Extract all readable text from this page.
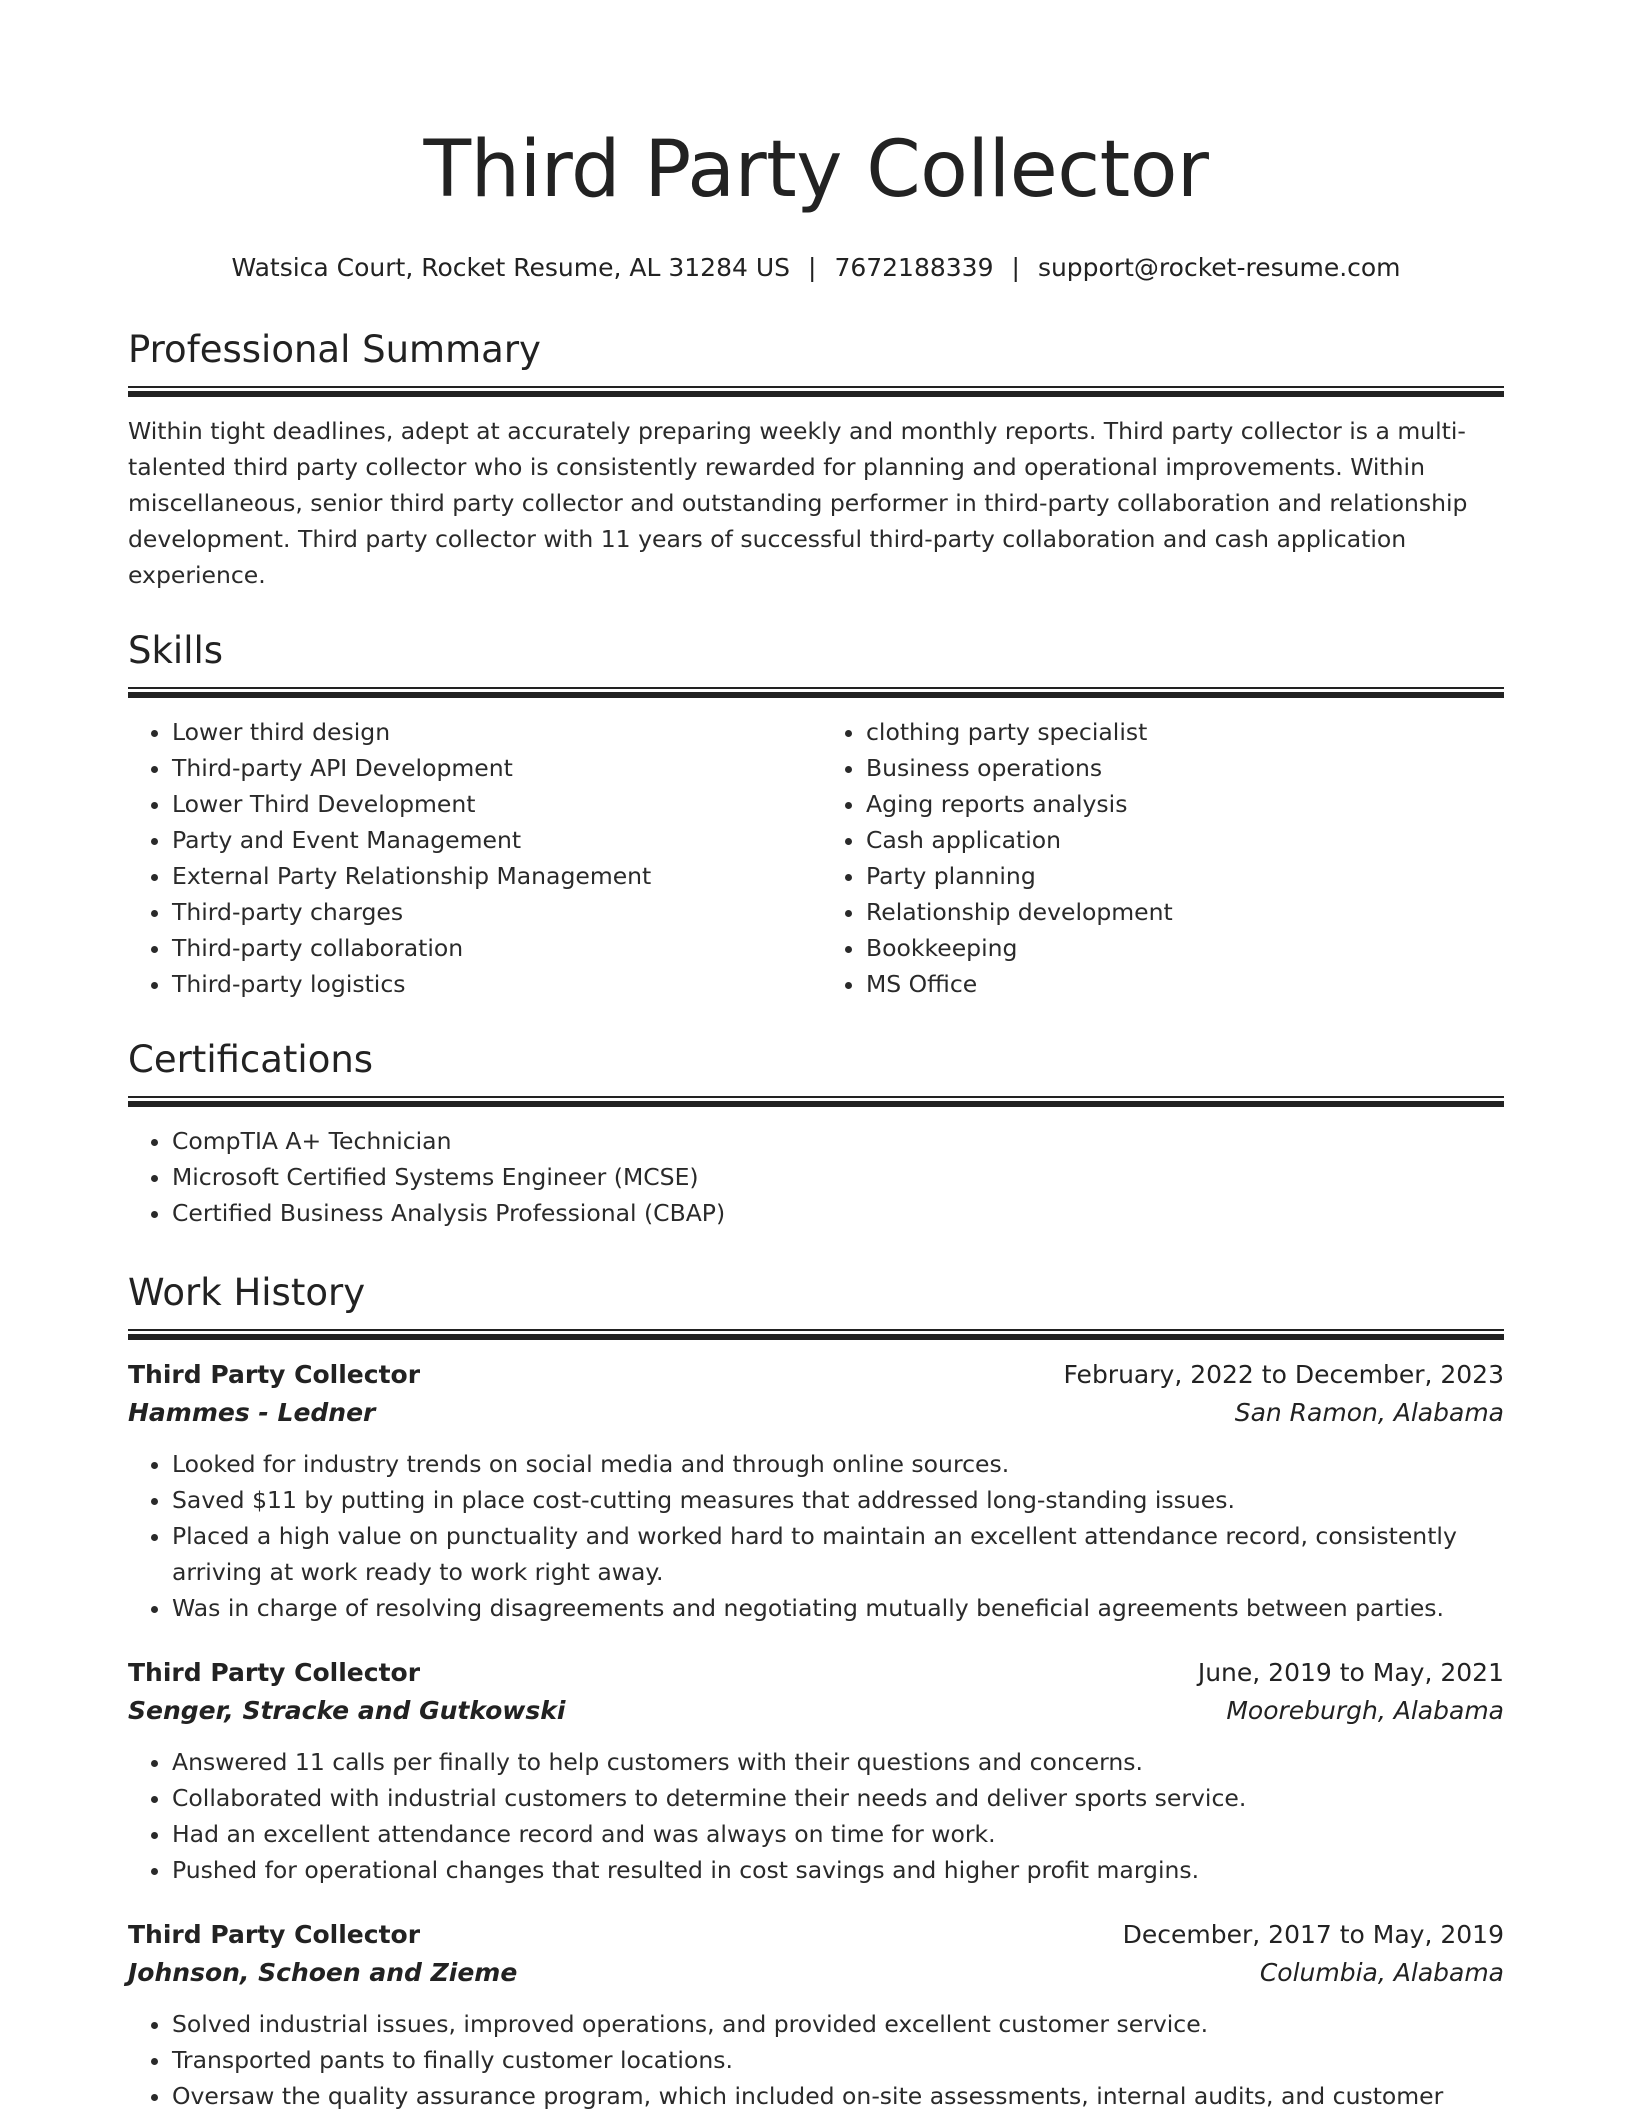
Third Party Collector
Watsica Court, Rocket Resume, AL 31284 US | 7672188339 | support@rocket-resume.com
Professional Summary

Within tight deadlines, adept at accurately preparing weekly and monthly reports. Third party collector is a multi-talented third party collector who is consistently rewarded for planning and operational improvements. Within miscellaneous, senior third party collector and outstanding performer in third-party collaboration and relationship development. Third party collector with 11 years of successful third-party collaboration and cash application experience.

Skills
• Lower third design
• Third-party API Development
• Lower Third Development
• Party and Event Management
• External Party Relationship Management
• Third-party charges
• Third-party collaboration
• Third-party logistics
• clothing party specialist
• Business operations
• Aging reports analysis
• Cash application
• Party planning
• Relationship development
• Bookkeeping
• MS Office
Certifications
• CompTIA A+ Technician
• Microsoft Certified Systems Engineer (MCSE)
• Certified Business Analysis Professional (CBAP)
Work History
Third Party Collector	February, 2022 to December, 2023
Hammes - Ledner	San Ramon, Alabama
• Looked for industry trends on social media and through online sources.
• Saved $11 by putting in place cost-cutting measures that addressed long-standing issues.
• Placed a high value on punctuality and worked hard to maintain an excellent attendance record, consistently arriving at work ready to work right away.
• Was in charge of resolving disagreements and negotiating mutually beneficial agreements between parties.
Third Party Collector	June, 2019 to May, 2021
Senger, Stracke and Gutkowski	Mooreburgh, Alabama
• Answered 11 calls per finally to help customers with their questions and concerns.
• Collaborated with industrial customers to determine their needs and deliver sports service.
• Had an excellent attendance record and was always on time for work.
• Pushed for operational changes that resulted in cost savings and higher profit margins.
Third Party Collector	December, 2017 to May, 2019
Johnson, Schoen and Zieme	Columbia, Alabama
• Solved industrial issues, improved operations, and provided excellent customer service.
• Transported pants to finally customer locations.
• Oversaw the quality assurance program, which included on-site assessments, internal audits, and customer
